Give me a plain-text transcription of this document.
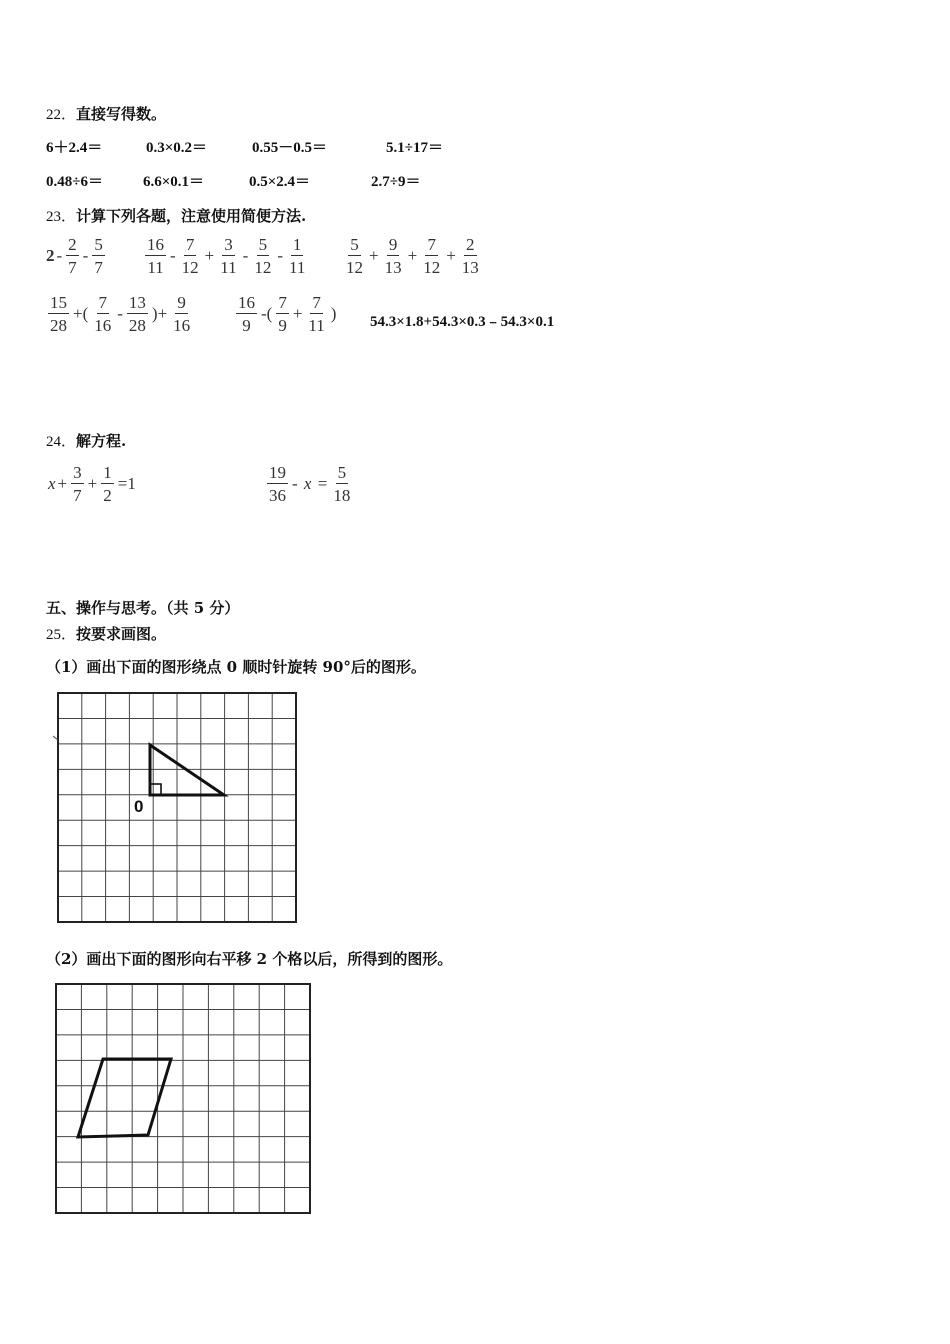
22．直接写得数。
6＋2.4＝	0.3×0.2＝	0.55－0.5＝	5.1÷17＝
0.48÷6＝	6.6×0.1＝	0.5×2.4＝	2.7÷9＝
23．计算下列各题，注意使用简便方法.
$2 - \frac{2}{7} - \frac{5}{7} \frac{16}{11} - \frac{7}{12} + \frac{3}{11} - \frac{5}{12} - \frac{1}{11} \frac{5}{12} + \frac{9}{13} + \frac{7}{12} + \frac{2}{13}$
$\frac{15}{28}$ +( $\frac{7}{16} - \frac{13}{28}$ )+ $\frac{9}{16}$	$\frac{16}{9}$ -( $\frac{7}{9} + \frac{7}{11}$ ) 54.3×1.8+54.3×0.3﹣54.3×0.1
24．解方程.
$x + \frac{3}{7} + \frac{1}{2} =1$	$\frac{19}{36} - x = \frac{5}{18}$
五、操作与思考。（共 5 分）
25．按要求画图。
（1）画出下面的图形绕点 0 顺时针旋转 90°后的图形。
0
（2）画出下面的图形向右平移 2 个格以后，所得到的图形。
